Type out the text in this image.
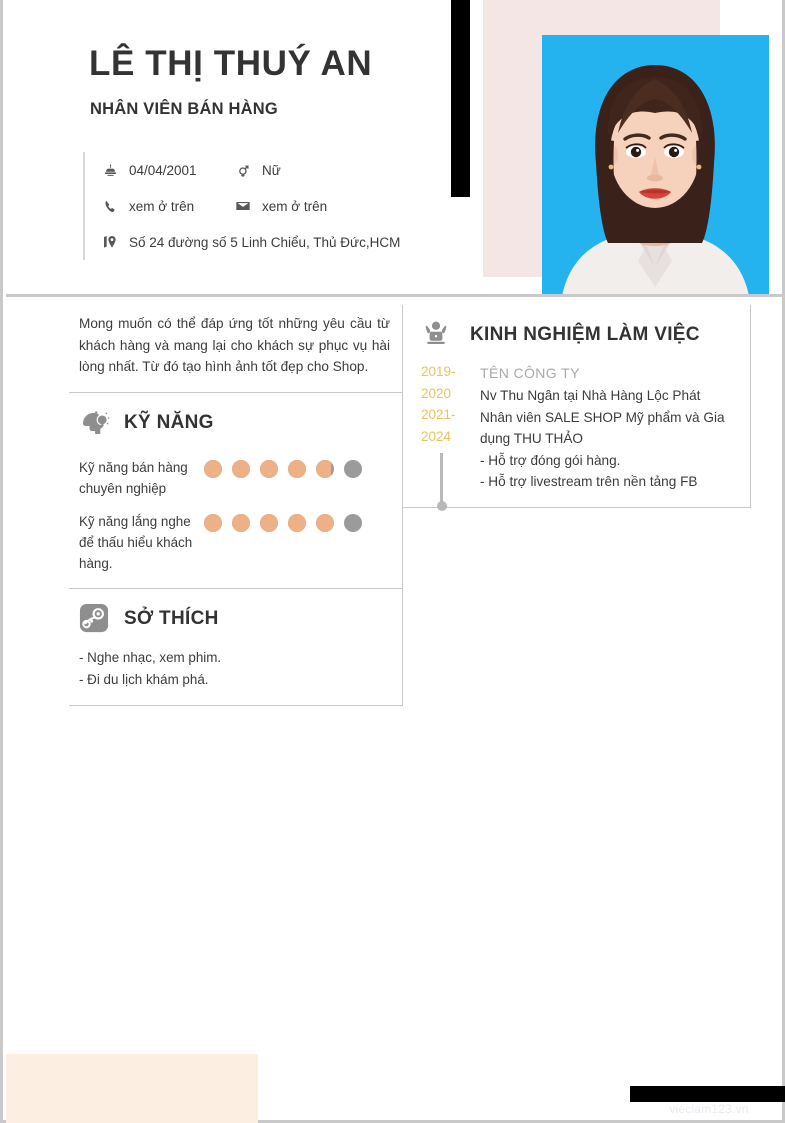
LÊ THỊ THUÝ AN
NHÂN VIÊN BÁN HÀNG
04/04/2001	Nữ
xem ở trên	xem ở trên
Số 24 đường số 5 Linh Chiểu, Thủ Đức,HCM
Mong muốn có thể đáp ứng tốt những yêu cầu từ khách hàng và mang lại cho khách sự phục vụ hài lòng nhất. Từ đó tạo hình ảnh tốt đẹp cho Shop.
KỸ NĂNG
Kỹ năng bán hàng chuyên nghiệp
Kỹ năng lắng nghe để thấu hiểu khách hàng.
SỞ THÍCH
- Nghe nhạc, xem phim.
- Đi du lịch khám phá.
KINH NGHIỆM LÀM VIỆC
2019-
2020
2021-
2024
TÊN CÔNG TY
Nv Thu Ngân tại Nhà Hàng Lộc Phát
Nhân viên SALE SHOP Mỹ phẩm và Gia dụng THU THẢO
- Hỗ trợ đóng gói hàng.
- Hỗ trợ livestream trên nền tảng FB
vieclam123.vn
